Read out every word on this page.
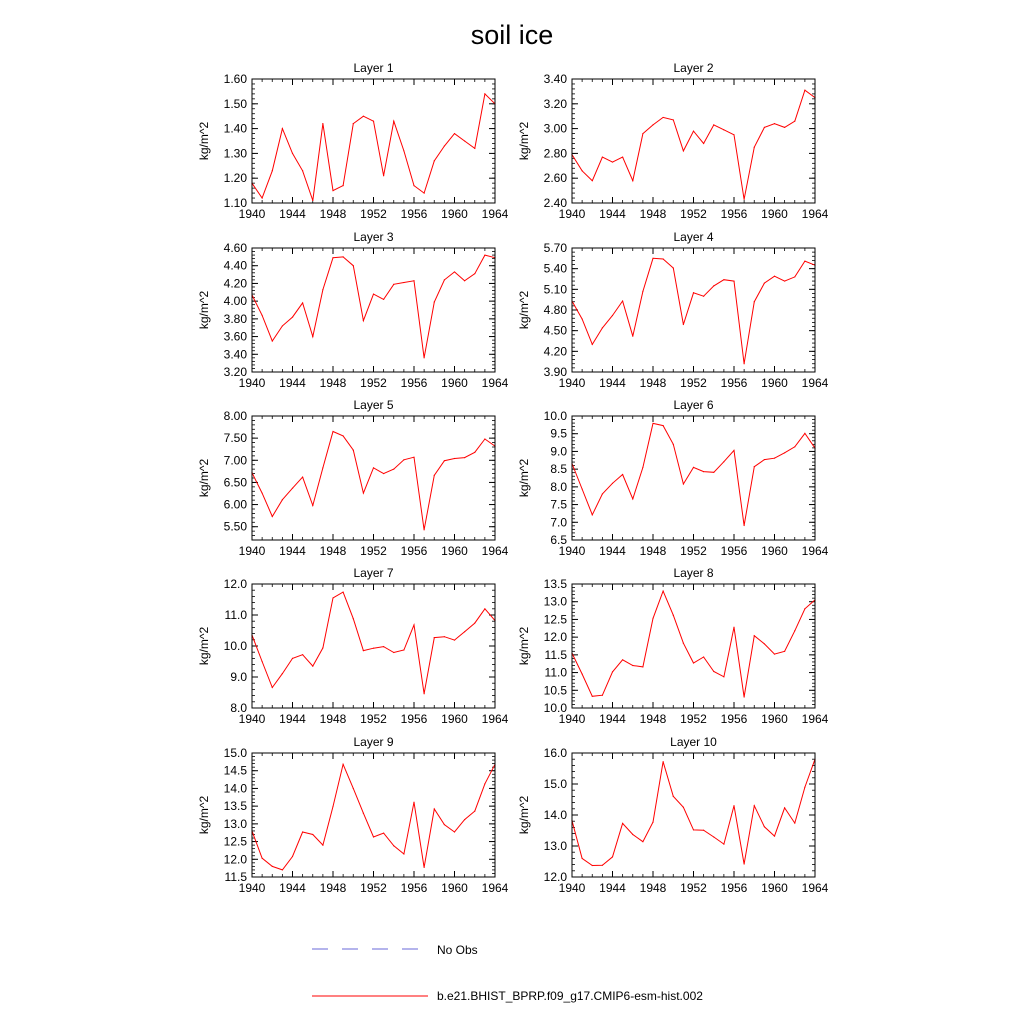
soil ice
Layer 1
kg/m^2
1940 1944 1948 1952 1956 1960 1964
1.10
1.20
1.30
1.40
1.50
1.60
Layer 2
kg/m^2
1940 1944 1948 1952 1956 1960 1964
2.40
2.60
2.80
3.00
3.20
3.40
Layer 3
kg/m^2
1940 1944 1948 1952 1956 1960 1964
3.20
3.40
3.60
3.80
4.00
4.20
4.40
4.60
Layer 4
kg/m^2
1940 1944 1948 1952 1956 1960 1964
3.90
4.20
4.50
4.80
5.10
5.40
5.70
Layer 5
kg/m^2
1940 1944 1948 1952 1956 1960 1964
5.50
6.00
6.50
7.00
7.50
8.00
Layer 6
kg/m^2
1940 1944 1948 1952 1956 1960 1964
6.5
7.0
7.5
8.0
8.5
9.0
9.5
10.0
Layer 7
kg/m^2
1940 1944 1948 1952 1956 1960 1964
8.0
9.0
10.0
11.0
12.0
Layer 8
kg/m^2
1940 1944 1948 1952 1956 1960 1964
10.0
10.5
11.0
11.5
12.0
12.5
13.0
13.5
Layer 9
kg/m^2
1940 1944 1948 1952 1956 1960 1964
11.5
12.0
12.5
13.0
13.5
14.0
14.5
15.0
Layer 10
kg/m^2
1940 1944 1948 1952 1956 1960 1964
12.0
13.0
14.0
15.0
16.0
No Obs
b.e21.BHIST_BPRP.f09_g17.CMIP6-esm-hist.002
